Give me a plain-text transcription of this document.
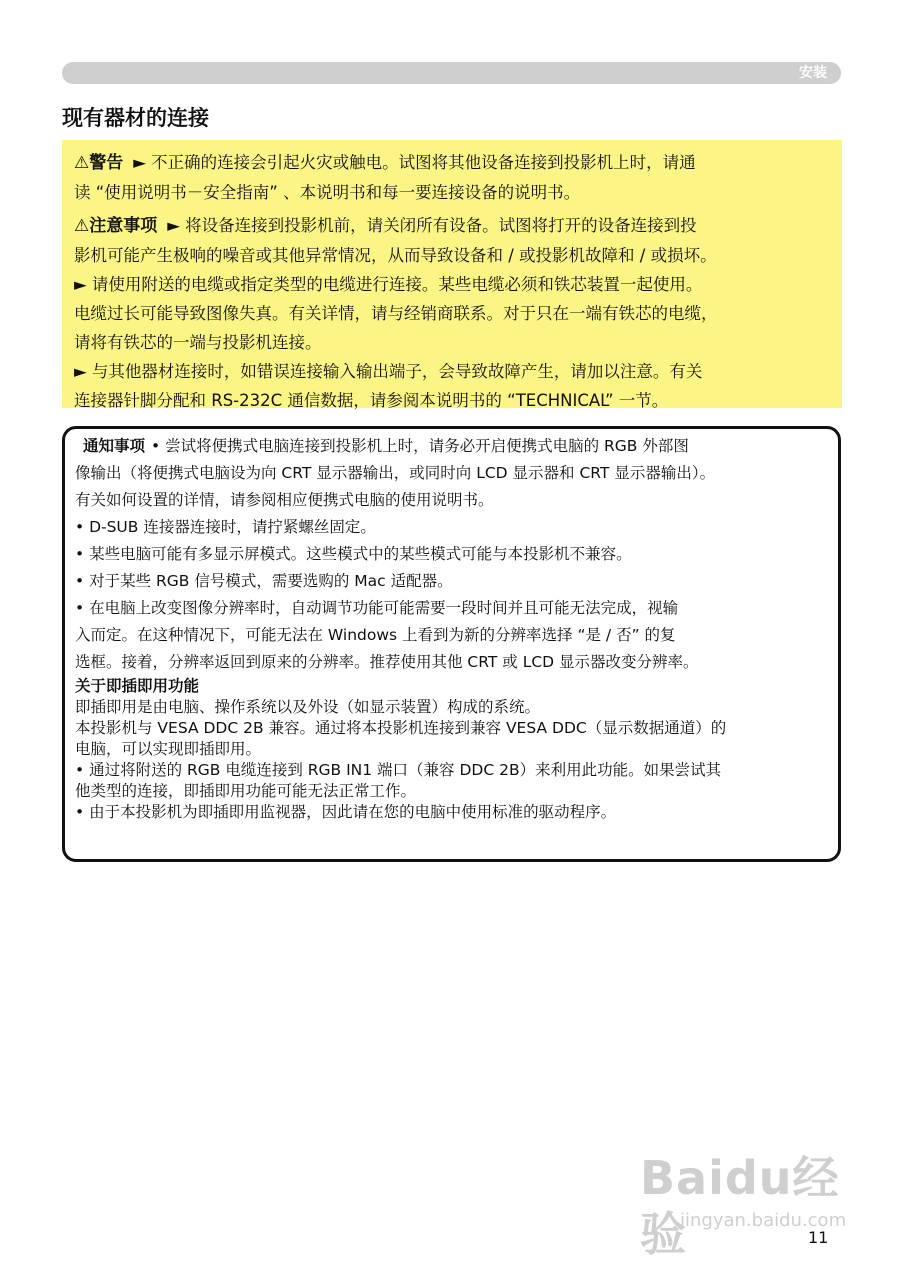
安装
现有器材的连接

⚠警告 ► 不正确的连接会引起火灾或触电。试图将其他设备连接到投影机上时，请通

读 “使用说明书－安全指南” 、本说明书和每一要连接设备的说明书。

⚠注意事项 ► 将设备连接到投影机前，请关闭所有设备。试图将打开的设备连接到投

影机可能产生极响的噪音或其他异常情况，从而导致设备和 / 或投影机故障和 / 或损坏。

► 请使用附送的电缆或指定类型的电缆进行连接。某些电缆必须和铁芯装置一起使用。

电缆过长可能导致图像失真。有关详情，请与经销商联系。对于只在一端有铁芯的电缆，

请将有铁芯的一端与投影机连接。

► 与其他器材连接时，如错误连接输入输出端子，会导致故障产生，请加以注意。有关

连接器针脚分配和 RS-232C 通信数据，请参阅本说明书的 “TECHNICAL” 一节。

通知事项 • 尝试将便携式电脑连接到投影机上时，请务必开启便携式电脑的 RGB 外部图

像输出（将便携式电脑设为向 CRT 显示器输出，或同时向 LCD 显示器和 CRT 显示器输出）。

有关如何设置的详情，请参阅相应便携式电脑的使用说明书。

• D-SUB 连接器连接时，请拧紧螺丝固定。

• 某些电脑可能有多显示屏模式。这些模式中的某些模式可能与本投影机不兼容。

• 对于某些 RGB 信号模式，需要选购的 Mac 适配器。

• 在电脑上改变图像分辨率时，自动调节功能可能需要一段时间并且可能无法完成，视输

入而定。在这种情况下，可能无法在 Windows 上看到为新的分辨率选择 “是 / 否” 的复

选框。接着，分辨率返回到原来的分辨率。推荐使用其他 CRT 或 LCD 显示器改变分辨率。

关于即插即用功能

即插即用是由电脑、操作系统以及外设（如显示装置）构成的系统。

本投影机与 VESA DDC 2B 兼容。通过将本投影机连接到兼容 VESA DDC（显示数据通道）的

电脑，可以实现即插即用。

• 通过将附送的 RGB 电缆连接到 RGB IN1 端口（兼容 DDC 2B）来利用此功能。如果尝试其

他类型的连接，即插即用功能可能无法正常工作。

• 由于本投影机为即插即用监视器，因此请在您的电脑中使用标准的驱动程序。

Baidu经验
jingyan.baidu.com
11
